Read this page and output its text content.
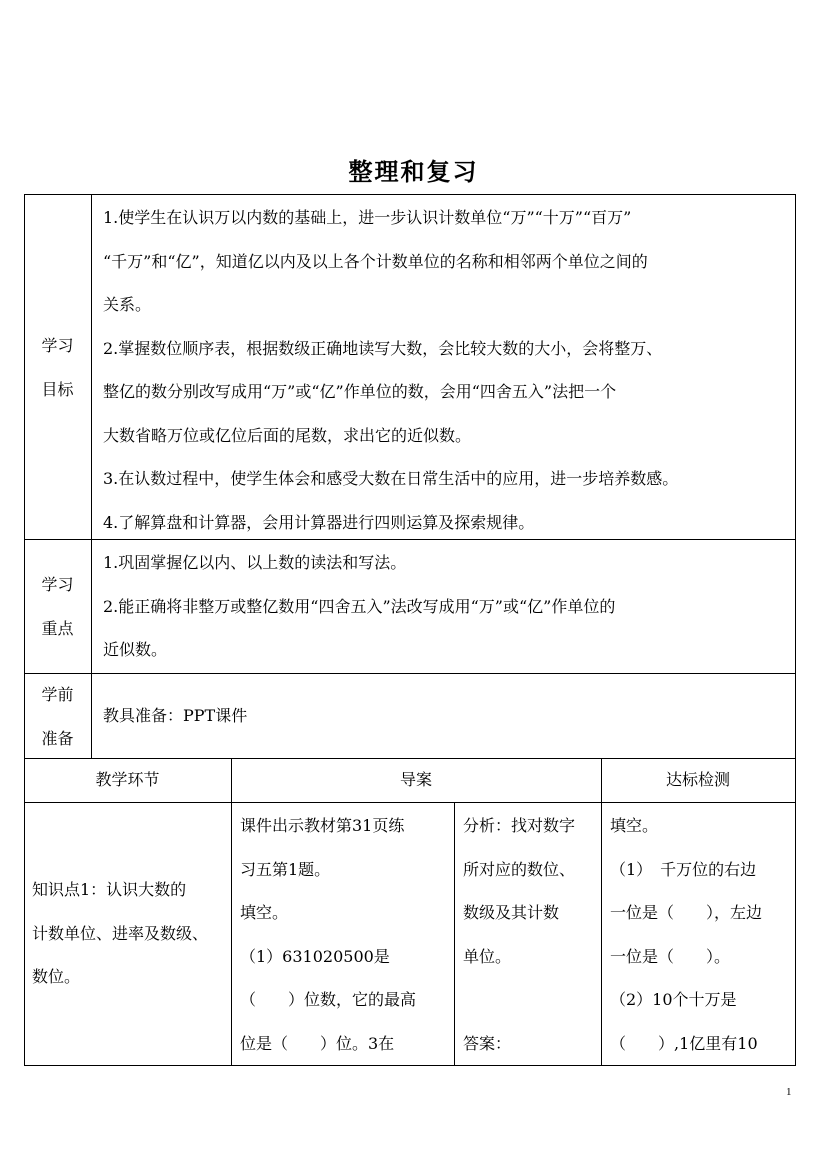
整理和复习
学习
目标
1.使学生在认识万以内数的基础上，进一步认识计数单位“万”“十万”“百万”
“千万”和“亿”，知道亿以内及以上各个计数单位的名称和相邻两个单位之间的
关系。
2.掌握数位顺序表，根据数级正确地读写大数，会比较大数的大小，会将整万、
整亿的数分别改写成用“万”或“亿”作单位的数，会用“四舍五入”法把一个
大数省略万位或亿位后面的尾数，求出它的近似数。
3.在认数过程中，使学生体会和感受大数在日常生活中的应用，进一步培养数感。
4.了解算盘和计算器，会用计算器进行四则运算及探索规律。
学习
重点
1.巩固掌握亿以内、以上数的读法和写法。
2.能正确将非整万或整亿数用“四舍五入”法改写成用“万”或“亿”作单位的
近似数。
学前
准备
教具准备：PPT课件
教学环节	导案	达标检测
知识点1：认识大数的
计数单位、进率及数级、
数位。
课件出示教材第31页练
习五第1题。
填空。
（1）631020500是
（　　）位数，它的最高
位是（　　）位。3在
分析：找对数字
所对应的数位、
数级及其计数
单位。
答案：
填空。
（1）　千万位的右边
一位是（　　），左边
一位是（　　）。
（2）10个十万是
（　　）,1亿里有10
1
